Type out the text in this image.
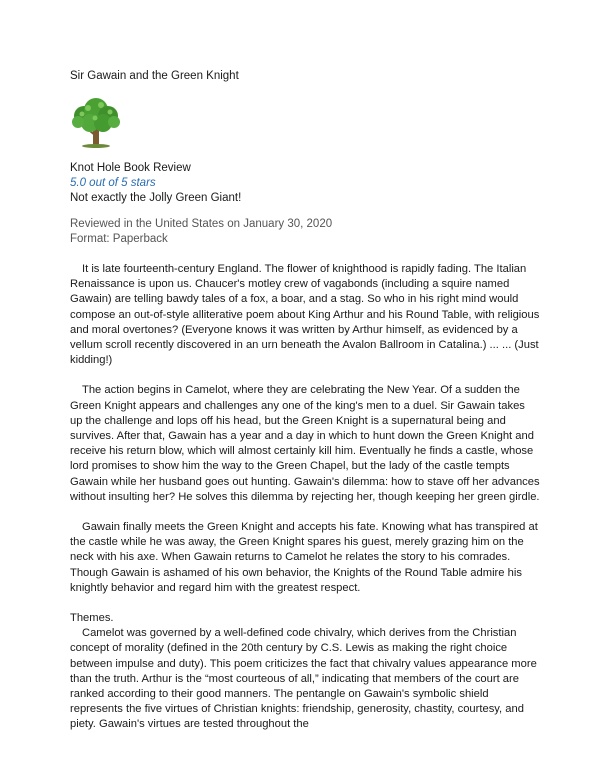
Sir Gawain and the Green Knight
Knot Hole Book Review
5.0 out of 5 stars
Not exactly the Jolly Green Giant!
Reviewed in the United States on January 30, 2020
Format: Paperback

It is late fourteenth-century England. The flower of knighthood is rapidly fading. The Italian Renaissance is upon us. Chaucer's motley crew of vagabonds (including a squire named Gawain) are telling bawdy tales of a fox, a boar, and a stag. So who in his right mind would compose an out-of-style alliterative poem about King Arthur and his Round Table, with religious and moral overtones? (Everyone knows it was written by Arthur himself, as evidenced by a vellum scroll recently discovered in an urn beneath the Avalon Ballroom in Catalina.) ... ... (Just kidding!)

The action begins in Camelot, where they are celebrating the New Year. Of a sudden the Green Knight appears and challenges any one of the king's men to a duel. Sir Gawain takes up the challenge and lops off his head, but the Green Knight is a supernatural being and survives. After that, Gawain has a year and a day in which to hunt down the Green Knight and receive his return blow, which will almost certainly kill him. Eventually he finds a castle, whose lord promises to show him the way to the Green Chapel, but the lady of the castle tempts Gawain while her husband goes out hunting. Gawain's dilemma: how to stave off her advances without insulting her? He solves this dilemma by rejecting her, though keeping her green girdle.

Gawain finally meets the Green Knight and accepts his fate. Knowing what has transpired at the castle while he was away, the Green Knight spares his guest, merely grazing him on the neck with his axe. When Gawain returns to Camelot he relates the story to his comrades. Though Gawain is ashamed of his own behavior, the Knights of the Round Table admire his knightly behavior and regard him with the greatest respect.

Themes.

Camelot was governed by a well-defined code chivalry, which derives from the Christian concept of morality (defined in the 20th century by C.S. Lewis as making the right choice between impulse and duty). This poem criticizes the fact that chivalry values appearance more than the truth. Arthur is the “most courteous of all,” indicating that members of the court are ranked according to their good manners. The pentangle on Gawain's symbolic shield represents the five virtues of Christian knights: friendship, generosity, chastity, courtesy, and piety. Gawain's virtues are tested throughout the
